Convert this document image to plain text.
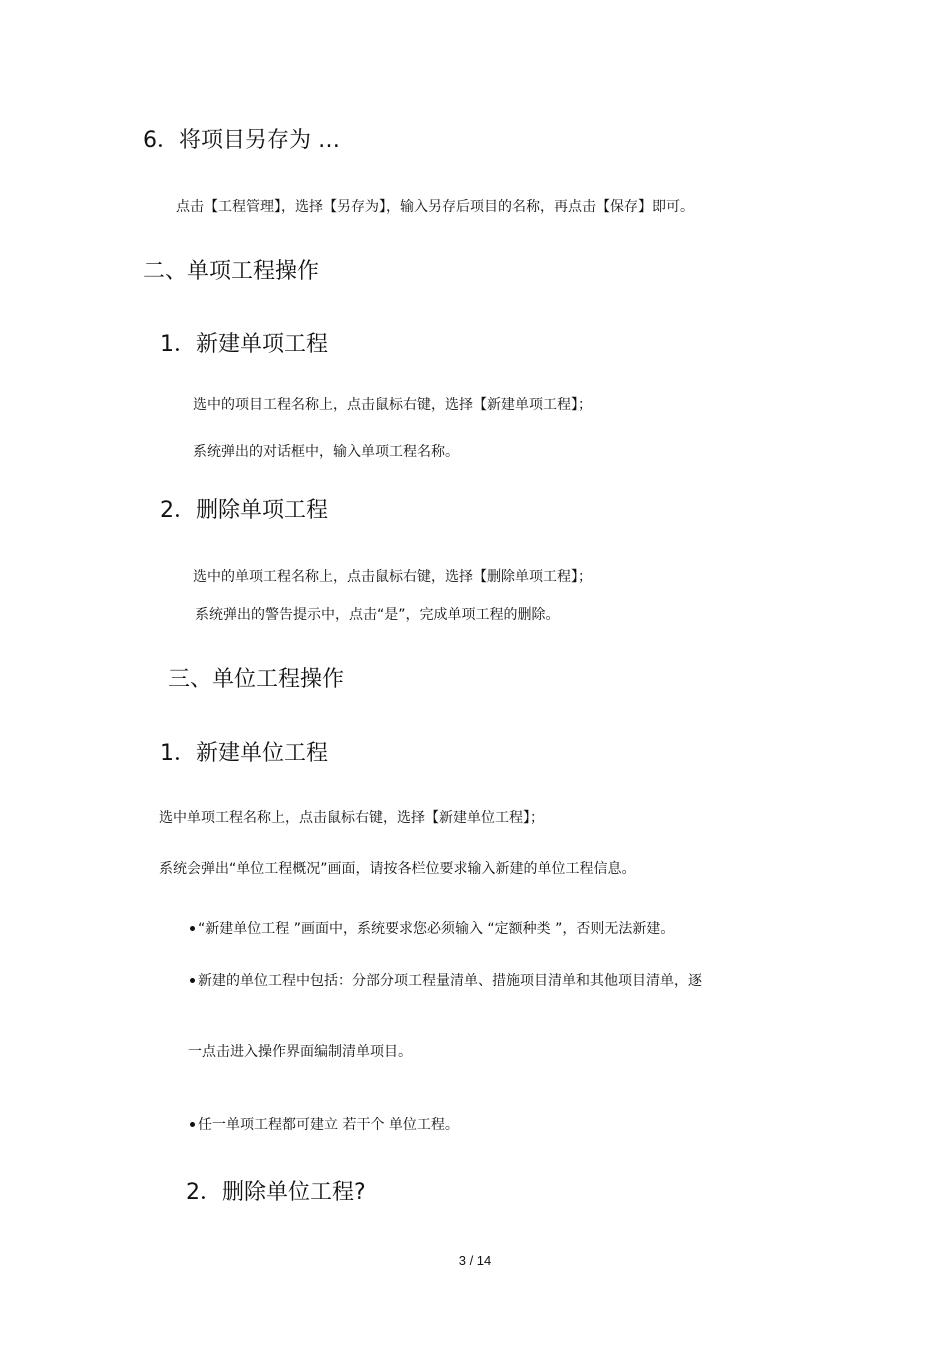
6．将项目另存为 …
点击【工程管理】，选择【另存为】，输入另存后项目的名称，再点击【保存】即可。
二、单项工程操作
1．新建单项工程
选中的项目工程名称上，点击鼠标右键，选择【新建单项工程】；
系统弹出的对话框中，输入单项工程名称。
2．删除单项工程
选中的单项工程名称上，点击鼠标右键，选择【删除单项工程】；
系统弹出的警告提示中，点击“是”，完成单项工程的删除。
三、单位工程操作
1．新建单位工程
选中单项工程名称上，点击鼠标右键，选择【新建单位工程】；
系统会弹出“单位工程概况”画面，请按各栏位要求输入新建的单位工程信息。
“新建单位工程 ”画面中，系统要求您必须输入 “定额种类 ”，否则无法新建。
新建的单位工程中包括：分部分项工程量清单、措施项目清单和其他项目清单，逐
一点击进入操作界面编制清单项目。
任一单项工程都可建立 若干个 单位工程。
2．删除单位工程?
3 / 14
